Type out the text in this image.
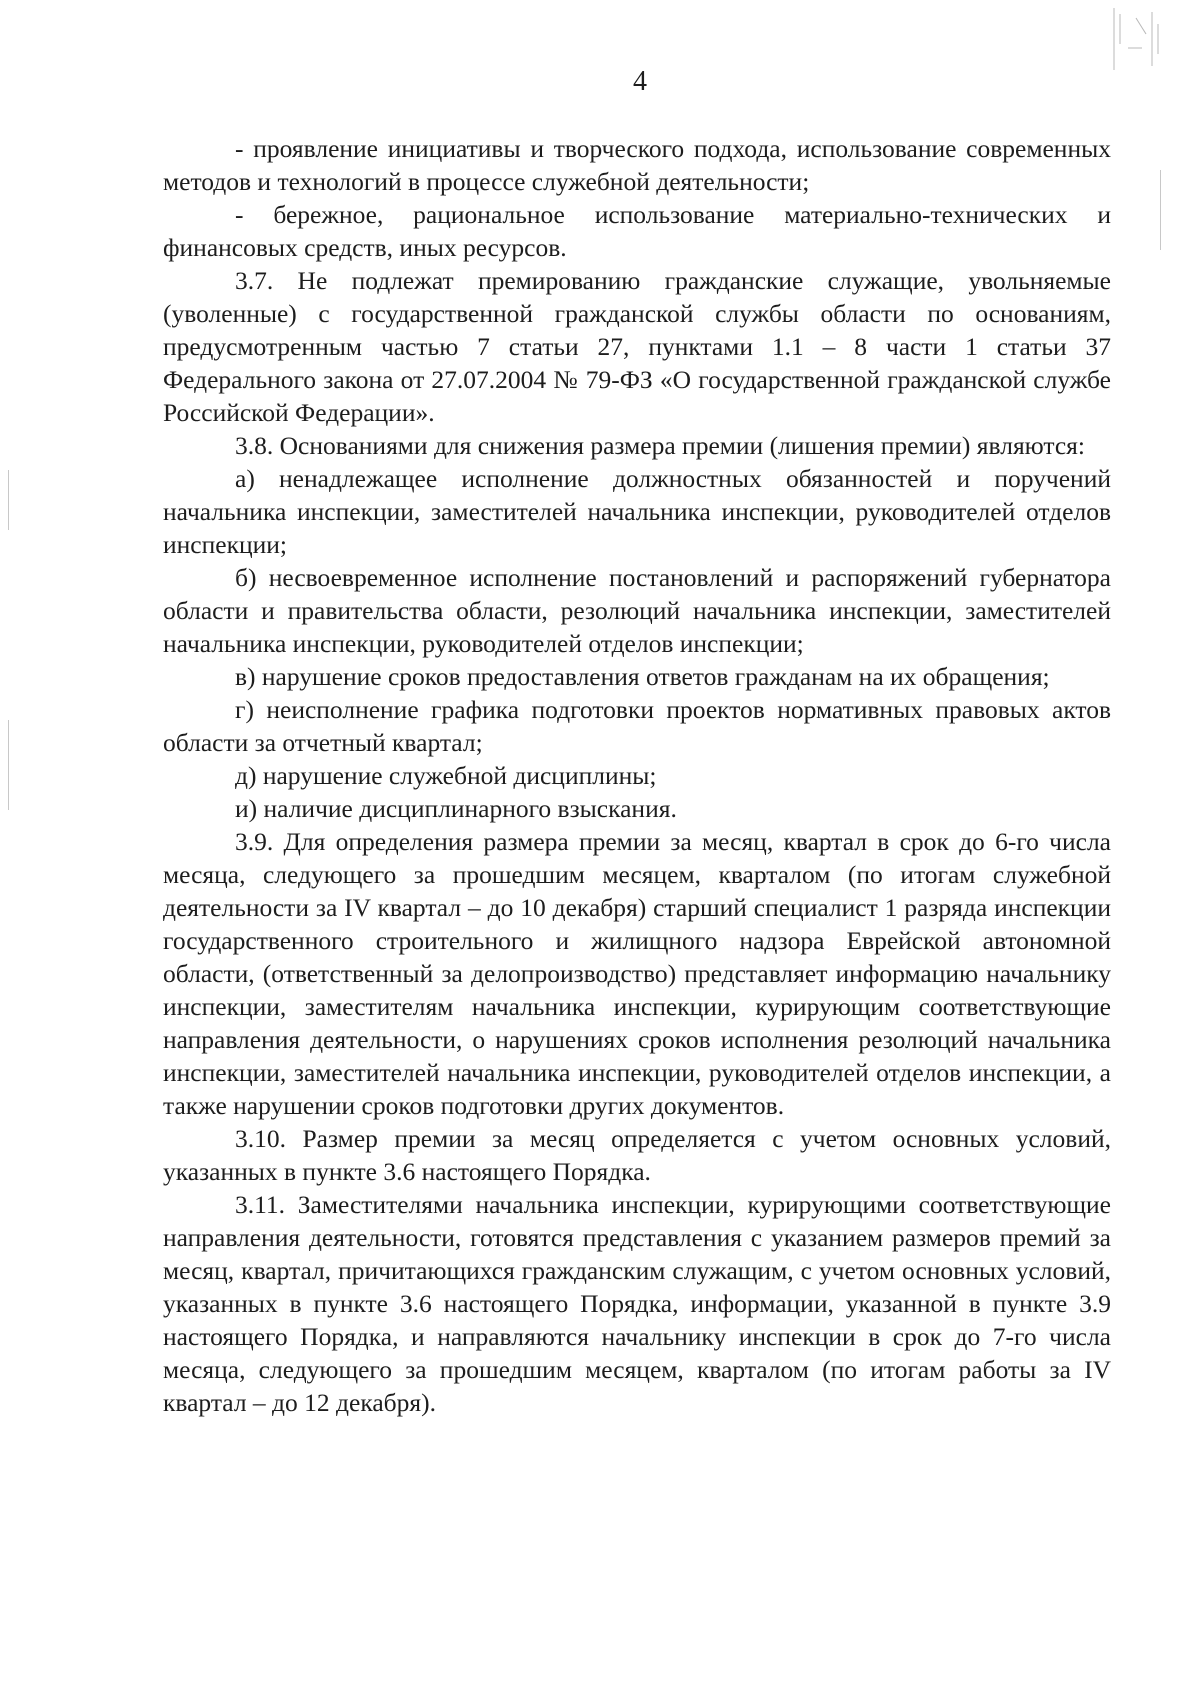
4

- проявление инициативы и творческого подхода, использование современных методов и технологий в процессе служебной деятельности;

- бережное, рациональное использование материально-технических и финансовых средств, иных ресурсов.

3.7. Не подлежат премированию гражданские служащие, увольняемые (уволенные) с государственной гражданской службы области по основаниям, предусмотренным частью 7 статьи 27, пунктами 1.1 – 8 части 1 статьи 37 Федерального закона от 27.07.2004 № 79-ФЗ «О государственной гражданской службе Российской Федерации».

3.8. Основаниями для снижения размера премии (лишения премии) являются:

а) ненадлежащее исполнение должностных обязанностей и поручений начальника инспекции, заместителей начальника инспекции, руководителей отделов инспекции;

б) несвоевременное исполнение постановлений и распоряжений губернатора области и правительства области, резолюций начальника инспекции, заместителей начальника инспекции, руководителей отделов инспекции;

в) нарушение сроков предоставления ответов гражданам на их обращения;

г) неисполнение графика подготовки проектов нормативных правовых актов области за отчетный квартал;

д) нарушение служебной дисциплины;

и) наличие дисциплинарного взыскания.

3.9. Для определения размера премии за месяц, квартал в срок до 6-го числа месяца, следующего за прошедшим месяцем, кварталом (по итогам служебной деятельности за IV квартал – до 10 декабря) старший специалист 1 разряда инспекции государственного строительного и жилищного надзора Еврейской автономной области, (ответственный за делопроизводство) представляет информацию начальнику инспекции, заместителям начальника инспекции, курирующим соответствующие направления деятельности, о нарушениях сроков исполнения резолюций начальника инспекции, заместителей начальника инспекции, руководителей отделов инспекции, а также нарушении сроков подготовки других документов.

3.10. Размер премии за месяц определяется с учетом основных условий, указанных в пункте 3.6 настоящего Порядка.

3.11. Заместителями начальника инспекции, курирующими соответствующие направления деятельности, готовятся представления с указанием размеров премий за месяц, квартал, причитающихся гражданским служащим, с учетом основных условий, указанных в пункте 3.6 настоящего Порядка, информации, указанной в пункте 3.9 настоящего Порядка, и направляются начальнику инспекции в срок до 7-го числа месяца, следующего за прошедшим месяцем, кварталом (по итогам работы за IV квартал – до 12 декабря).
